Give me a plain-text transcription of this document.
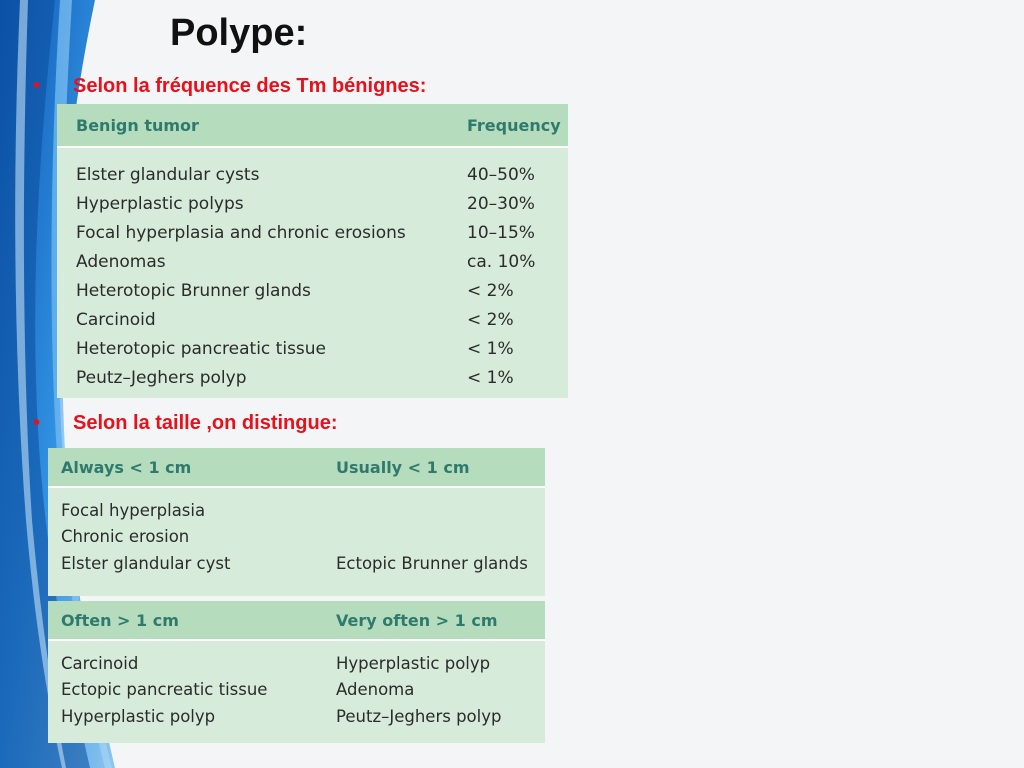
Polype:
• Selon la fréquence des Tm bénignes:
Benign tumor	Frequency
Elster glandular cysts	40–50%
Hyperplastic polyps	20–30%
Focal hyperplasia and chronic erosions	10–15%
Adenomas	ca. 10%
Heterotopic Brunner glands	< 2%
Carcinoid	< 2%
Heterotopic pancreatic tissue	< 1%
Peutz–Jeghers polyp	< 1%
• Selon la taille ,on distingue:
Always < 1 cm	Usually < 1 cm
Focal hyperplasia
Chronic erosion
Elster glandular cyst	Ectopic Brunner glands
Often > 1 cm	Very often > 1 cm
Carcinoid	Hyperplastic polyp
Ectopic pancreatic tissue	Adenoma
Hyperplastic polyp	Peutz–Jeghers polyp
